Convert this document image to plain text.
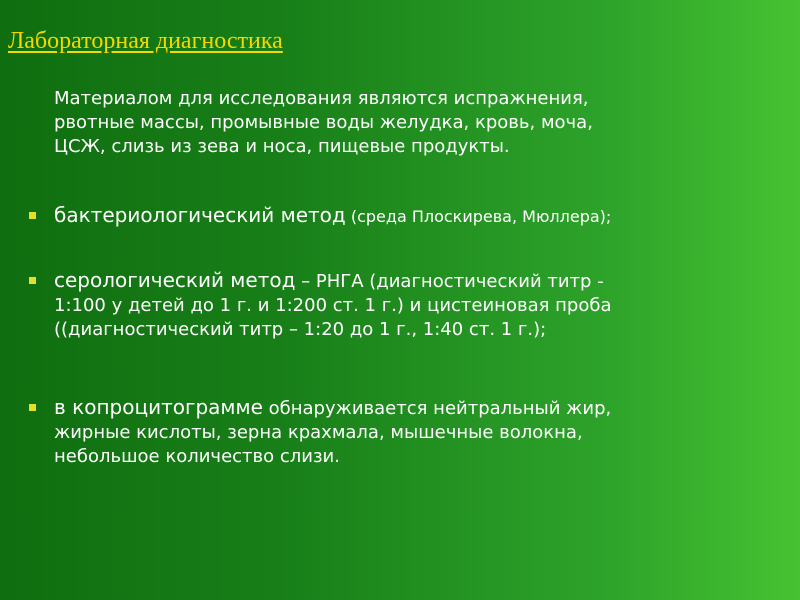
Лабораторная диагностика

Материалом для исследования являются испражнения,
рвотные массы, промывные воды желудка, кровь, моча,
ЦСЖ, слизь из зева и носа, пищевые продукты.

бактериологический метод (среда Плоскирева, Мюллера);

серологический метод – РНГА (диагностический титр -
1:100 у детей до 1 г. и 1:200 ст. 1 г.) и цистеиновая проба
((диагностический титр – 1:20 до 1 г., 1:40 ст. 1 г.);

в копроцитограмме обнаруживается нейтральный жир,
жирные кислоты, зерна крахмала, мышечные волокна,
небольшое количество слизи.
